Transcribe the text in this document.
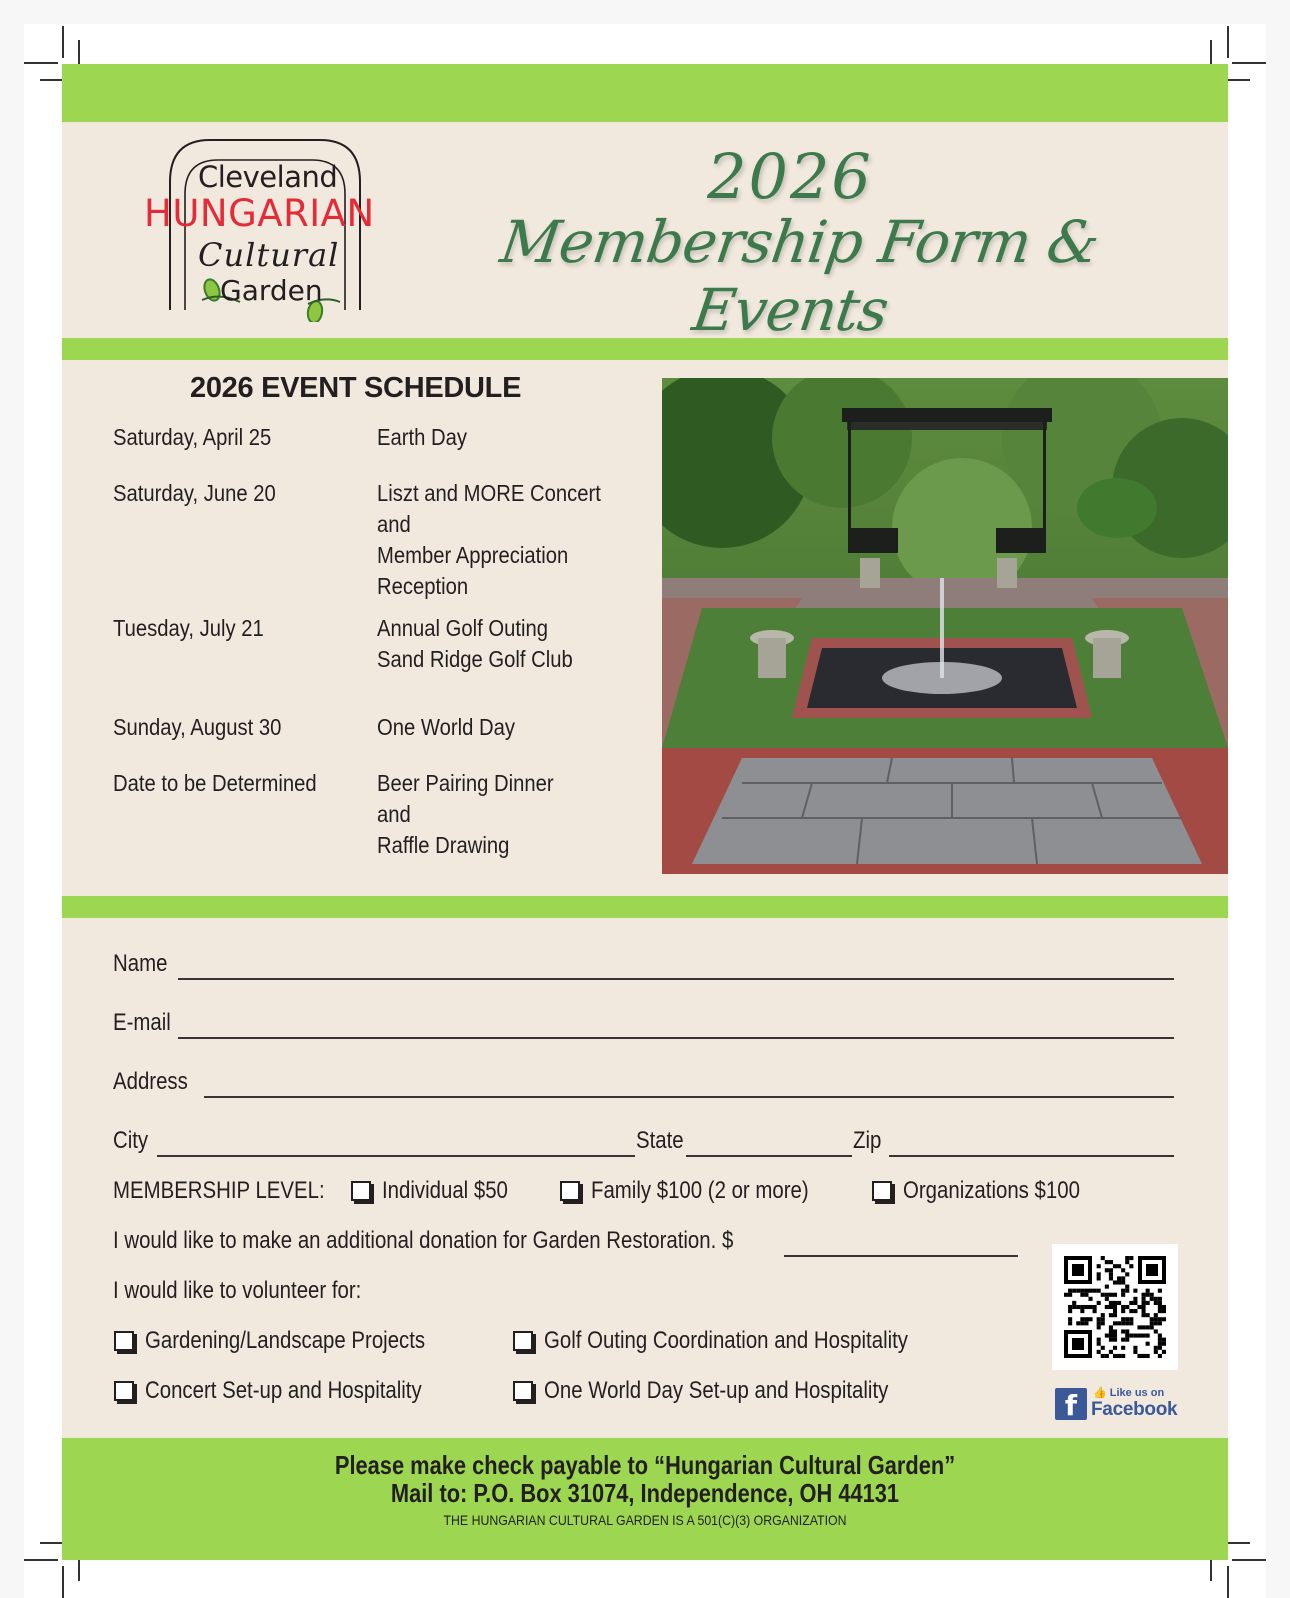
Cleveland
HUNGARIAN
Cultural
Garden
2026
Membership Form & Events
2026 EVENT SCHEDULE
Saturday, April 25	Earth Day
Saturday, June 20	Liszt and MORE Concert
and
Member Appreciation
Reception
Tuesday, July 21	Annual Golf Outing
Sand Ridge Golf Club
Sunday, August 30	One World Day
Date to be Determined	Beer Pairing Dinner
and
Raffle Drawing
Name
E-mail
Address
City	State	Zip
MEMBERSHIP LEVEL: Individual $50	Family $100 (2 or more)	Organizations $100
I would like to make an additional donation for Garden Restoration. $
I would like to volunteer for:
Gardening/Landscape Projects	Golf Outing Coordination and Hospitality
Concert Set-up and Hospitality	One World Day Set-up and Hospitality	f	👍 Like us on
Facebook
Please make check payable to “Hungarian Cultural Garden”
Mail to: P.O. Box 31074, Independence, OH 44131
THE HUNGARIAN CULTURAL GARDEN IS A 501(C)(3) ORGANIZATION
